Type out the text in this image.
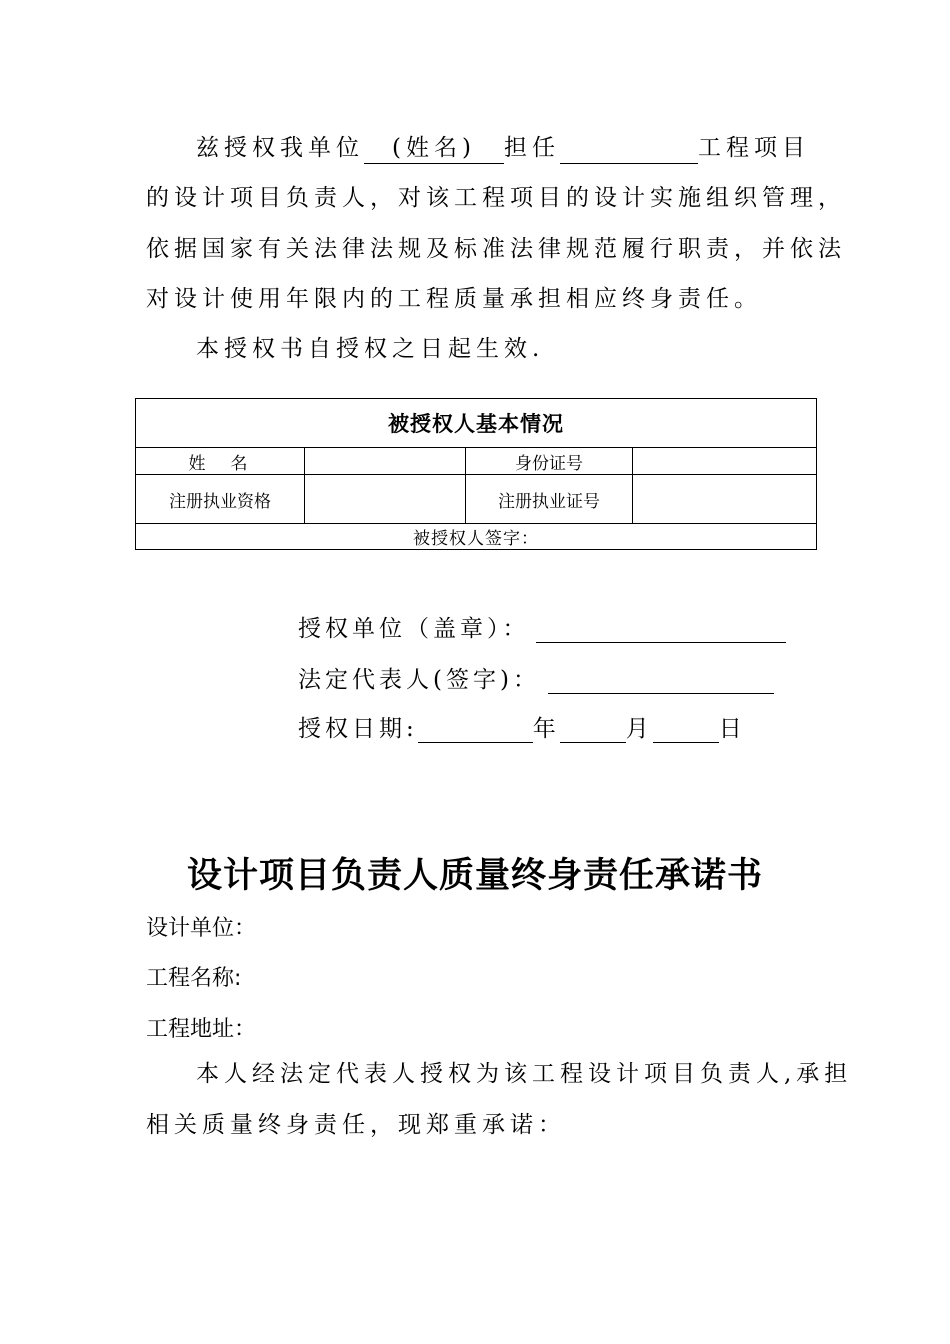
兹授权我单位 (姓名) 担任	工程项目
的设计项目负责人，对该工程项目的设计实施组织管理，
依据国家有关法律法规及标准法律规范履行职责，并依法
对设计使用年限内的工程质量承担相应终身责任。
本授权书自授权之日起生效.
被授权人基本情况			
姓　名		身份证号	
注册执业资格		注册执业证号	
被授权人签字：			
授权单位（盖章）：
法定代表人(签字)：
授权日期:	年	月	日
设计项目负责人质量终身责任承诺书
设计单位：
工程名称:
工程地址：
本人经法定代表人授权为该工程设计项目负责人,承担
相关质量终身责任，现郑重承诺：
